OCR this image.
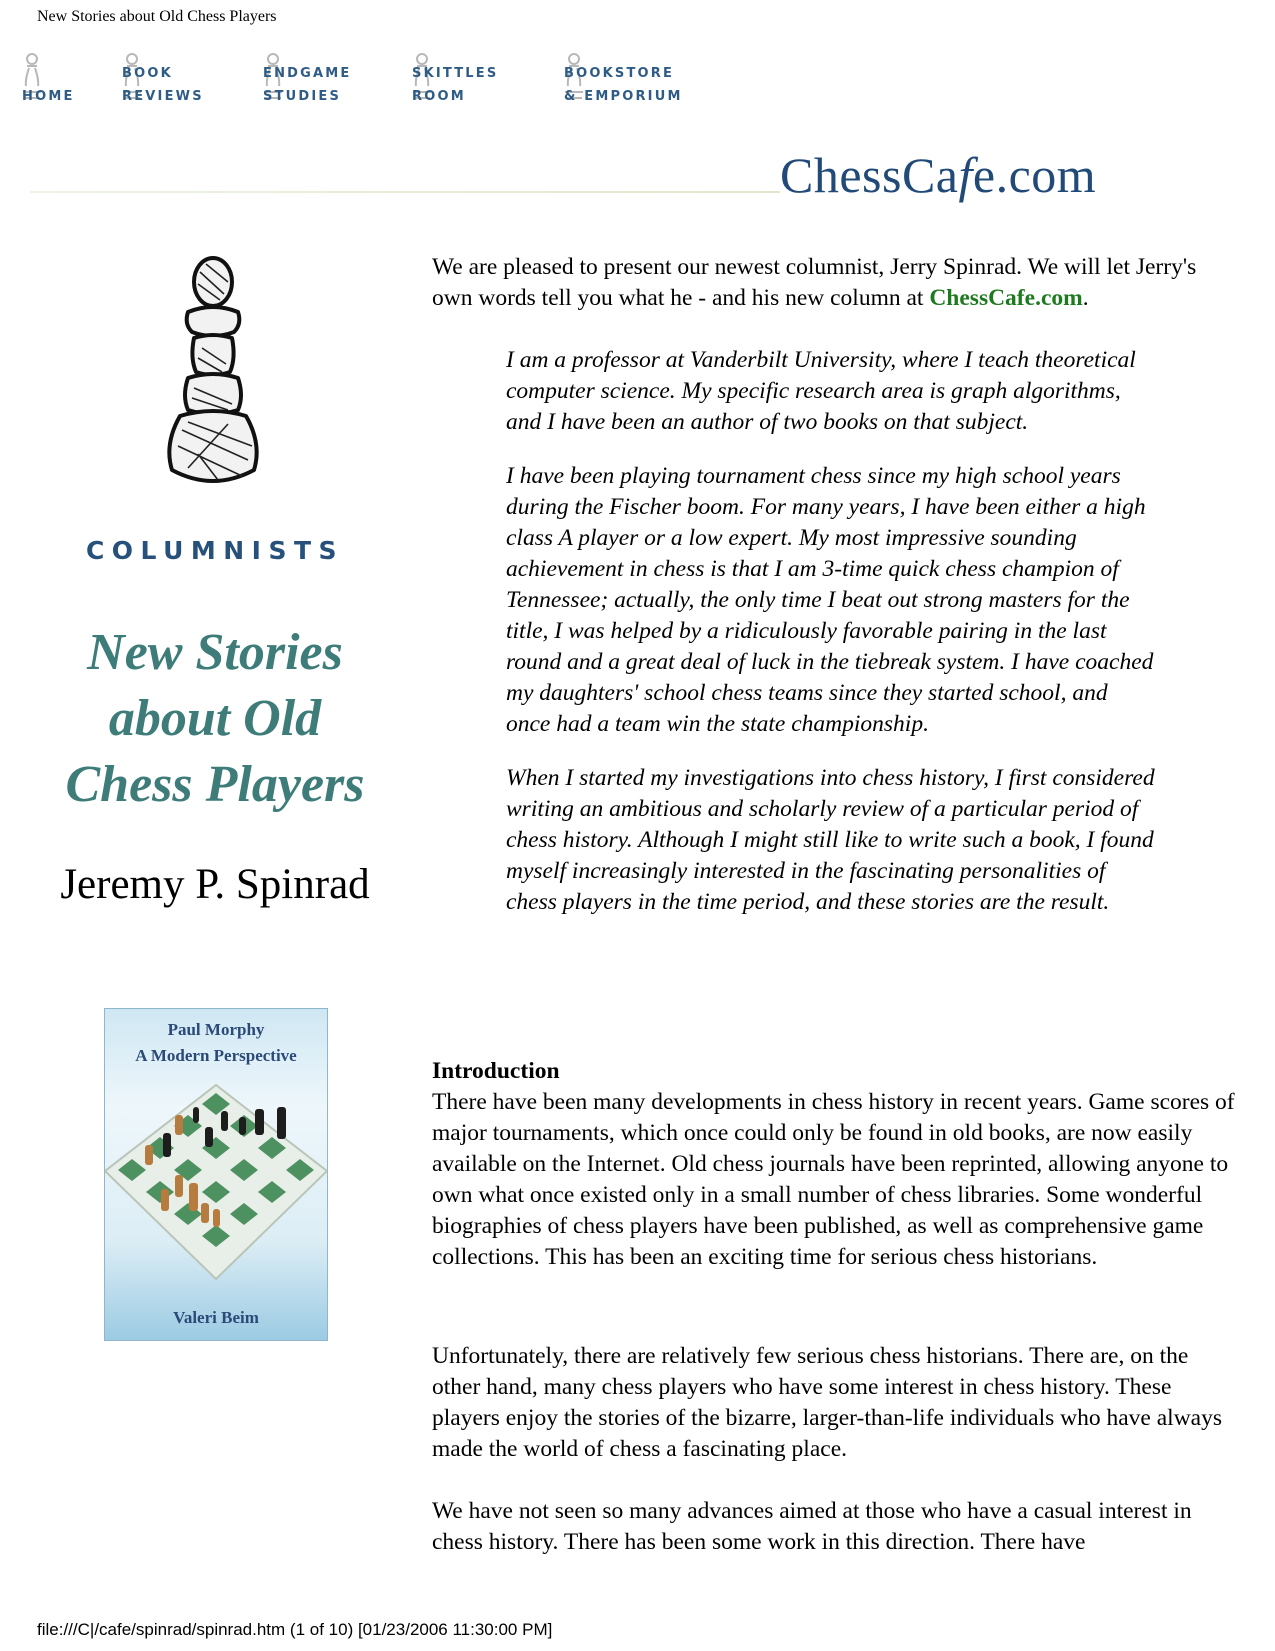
New Stories about Old Chess Players

HOME
BOOK
REVIEWS
ENDGAME
STUDIES
SKITTLES
ROOM
BOOKSTORE
& EMPORIUM
ChessCafe.com
COLUMNISTS
New Stories
about Old
Chess Players
Jeremy P. Spinrad
Paul Morphy
A Modern Perspective
Valeri Beim

We are pleased to present our newest columnist, Jerry Spinrad. We will let Jerry's own words tell you what he - and his new column at ChessCafe.com.

I am a professor at Vanderbilt University, where I teach theoretical computer science. My specific research area is graph algorithms, and I have been an author of two books on that subject.

I have been playing tournament chess since my high school years during the Fischer boom. For many years, I have been either a high class A player or a low expert. My most impressive sounding achievement in chess is that I am 3-time quick chess champion of Tennessee; actually, the only time I beat out strong masters for the title, I was helped by a ridiculously favorable pairing in the last round and a great deal of luck in the tiebreak system. I have coached my daughters' school chess teams since they started school, and once had a team win the state championship.

When I started my investigations into chess history, I first considered writing an ambitious and scholarly review of a particular period of chess history. Although I might still like to write such a book, I found myself increasingly interested in the fascinating personalities of chess players in the time period, and these stories are the result.

Introduction

There have been many developments in chess history in recent years. Game scores of major tournaments, which once could only be found in old books, are now easily available on the Internet. Old chess journals have been reprinted, allowing anyone to own what once existed only in a small number of chess libraries. Some wonderful biographies of chess players have been published, as well as comprehensive game collections. This has been an exciting time for serious chess historians.

Unfortunately, there are relatively few serious chess historians. There are, on the other hand, many chess players who have some interest in chess history. These players enjoy the stories of the bizarre, larger-than-life individuals who have always made the world of chess a fascinating place.

We have not seen so many advances aimed at those who have a casual interest in chess history. There has been some work in this direction. There have

file:///C|/cafe/spinrad/spinrad.htm (1 of 10) [01/23/2006 11:30:00 PM]
